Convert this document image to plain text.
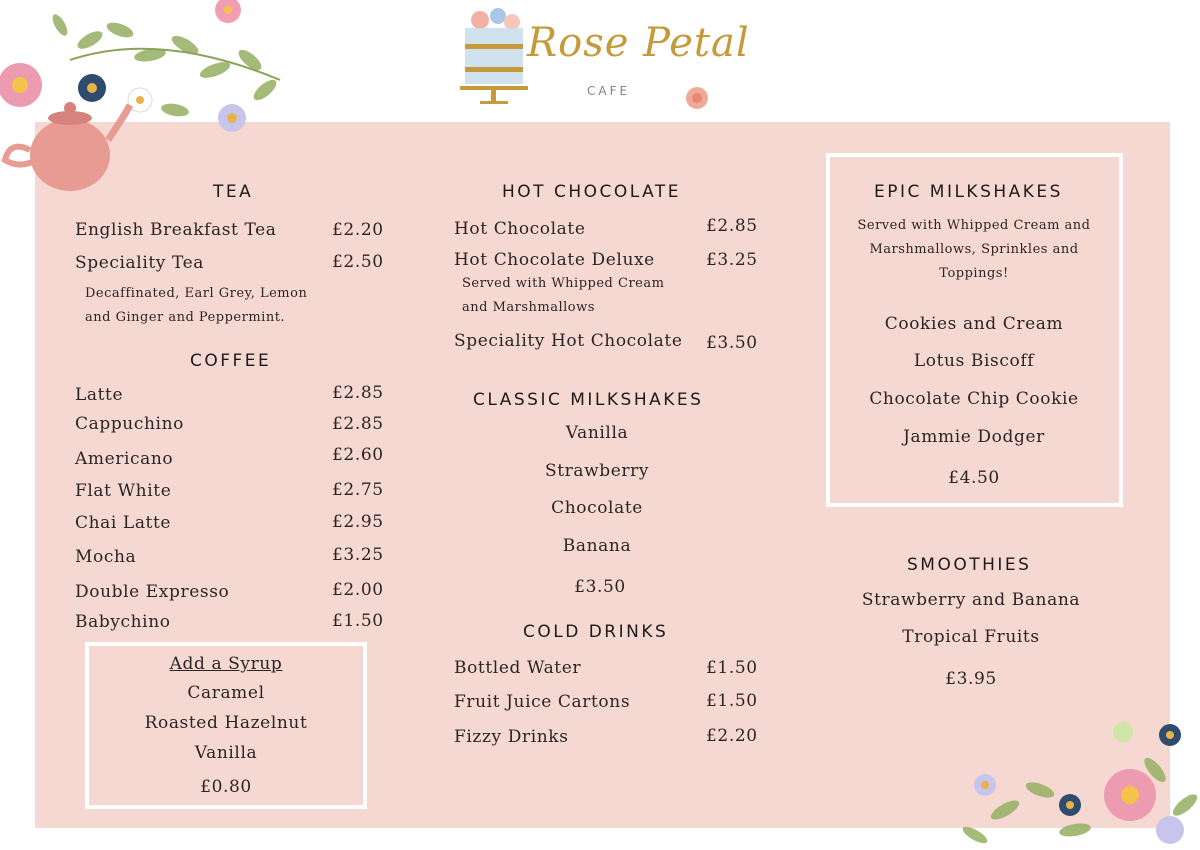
Rose Petal
CAFE
TEA
English Breakfast Tea	£2.20
Speciality Tea	£2.50
Decaffinated, Earl Grey, Lemon and Ginger and Peppermint.
COFFEE
Latte	£2.85
Cappuchino	£2.85
Americano	£2.60
Flat White	£2.75
Chai Latte	£2.95
Mocha	£3.25
Double Expresso	£2.00
Babychino	£1.50
Add a Syrup
Caramel
Roasted Hazelnut
Vanilla
£0.80
HOT CHOCOLATE
Hot Chocolate	£2.85
Hot Chocolate Deluxe	£3.25
Served with Whipped Cream and Marshmallows
Speciality Hot Chocolate £3.50
CLASSIC MILKSHAKES
Vanilla
Strawberry
Chocolate
Banana
£3.50
COLD DRINKS
Bottled Water	£1.50
Fruit Juice Cartons	£1.50
Fizzy Drinks	£2.20
EPIC MILKSHAKES
Served with Whipped Cream and Marshmallows, Sprinkles and Toppings!
Cookies and Cream
Lotus Biscoff
Chocolate Chip Cookie
Jammie Dodger
£4.50
SMOOTHIES
Strawberry and Banana
Tropical Fruits
£3.95
